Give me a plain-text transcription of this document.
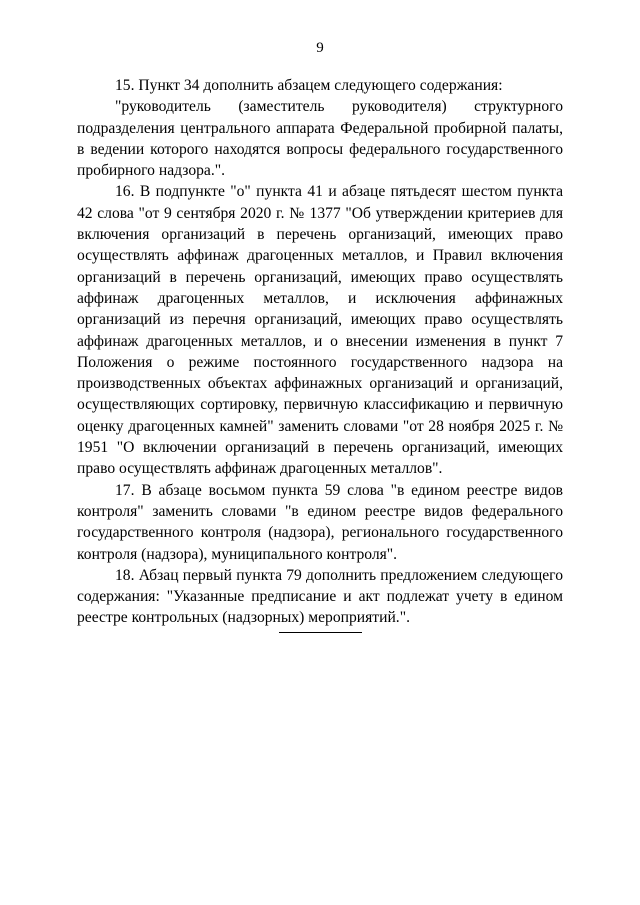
9

15. Пункт 34 дополнить абзацем следующего содержания:

"руководитель (заместитель руководителя) структурного подразделения центрального аппарата Федеральной пробирной палаты, в ведении которого находятся вопросы федерального государственного пробирного надзора.".

16. В подпункте "о" пункта 41 и абзаце пятьдесят шестом пункта 42 слова "от 9 сентября 2020 г. № 1377 "Об утверждении критериев для включения организаций в перечень организаций, имеющих право осуществлять аффинаж драгоценных металлов, и Правил включения организаций в перечень организаций, имеющих право осуществлять аффинаж драгоценных металлов, и исключения аффинажных организаций из перечня организаций, имеющих право осуществлять аффинаж драгоценных металлов, и о внесении изменения в пункт 7 Положения о режиме постоянного государственного надзора на производственных объектах аффинажных организаций и организаций, осуществляющих сортировку, первичную классификацию и первичную оценку драгоценных камней" заменить словами "от 28 ноября 2025 г. № 1951 "О включении организаций в перечень организаций, имеющих право осуществлять аффинаж драгоценных металлов".

17. В абзаце восьмом пункта 59 слова "в едином реестре видов контроля" заменить словами "в едином реестре видов федерального государственного контроля (надзора), регионального государственного контроля (надзора), муниципального контроля".

18. Абзац первый пункта 79 дополнить предложением следующего содержания: "Указанные предписание и акт подлежат учету в едином реестре контрольных (надзорных) мероприятий.".
